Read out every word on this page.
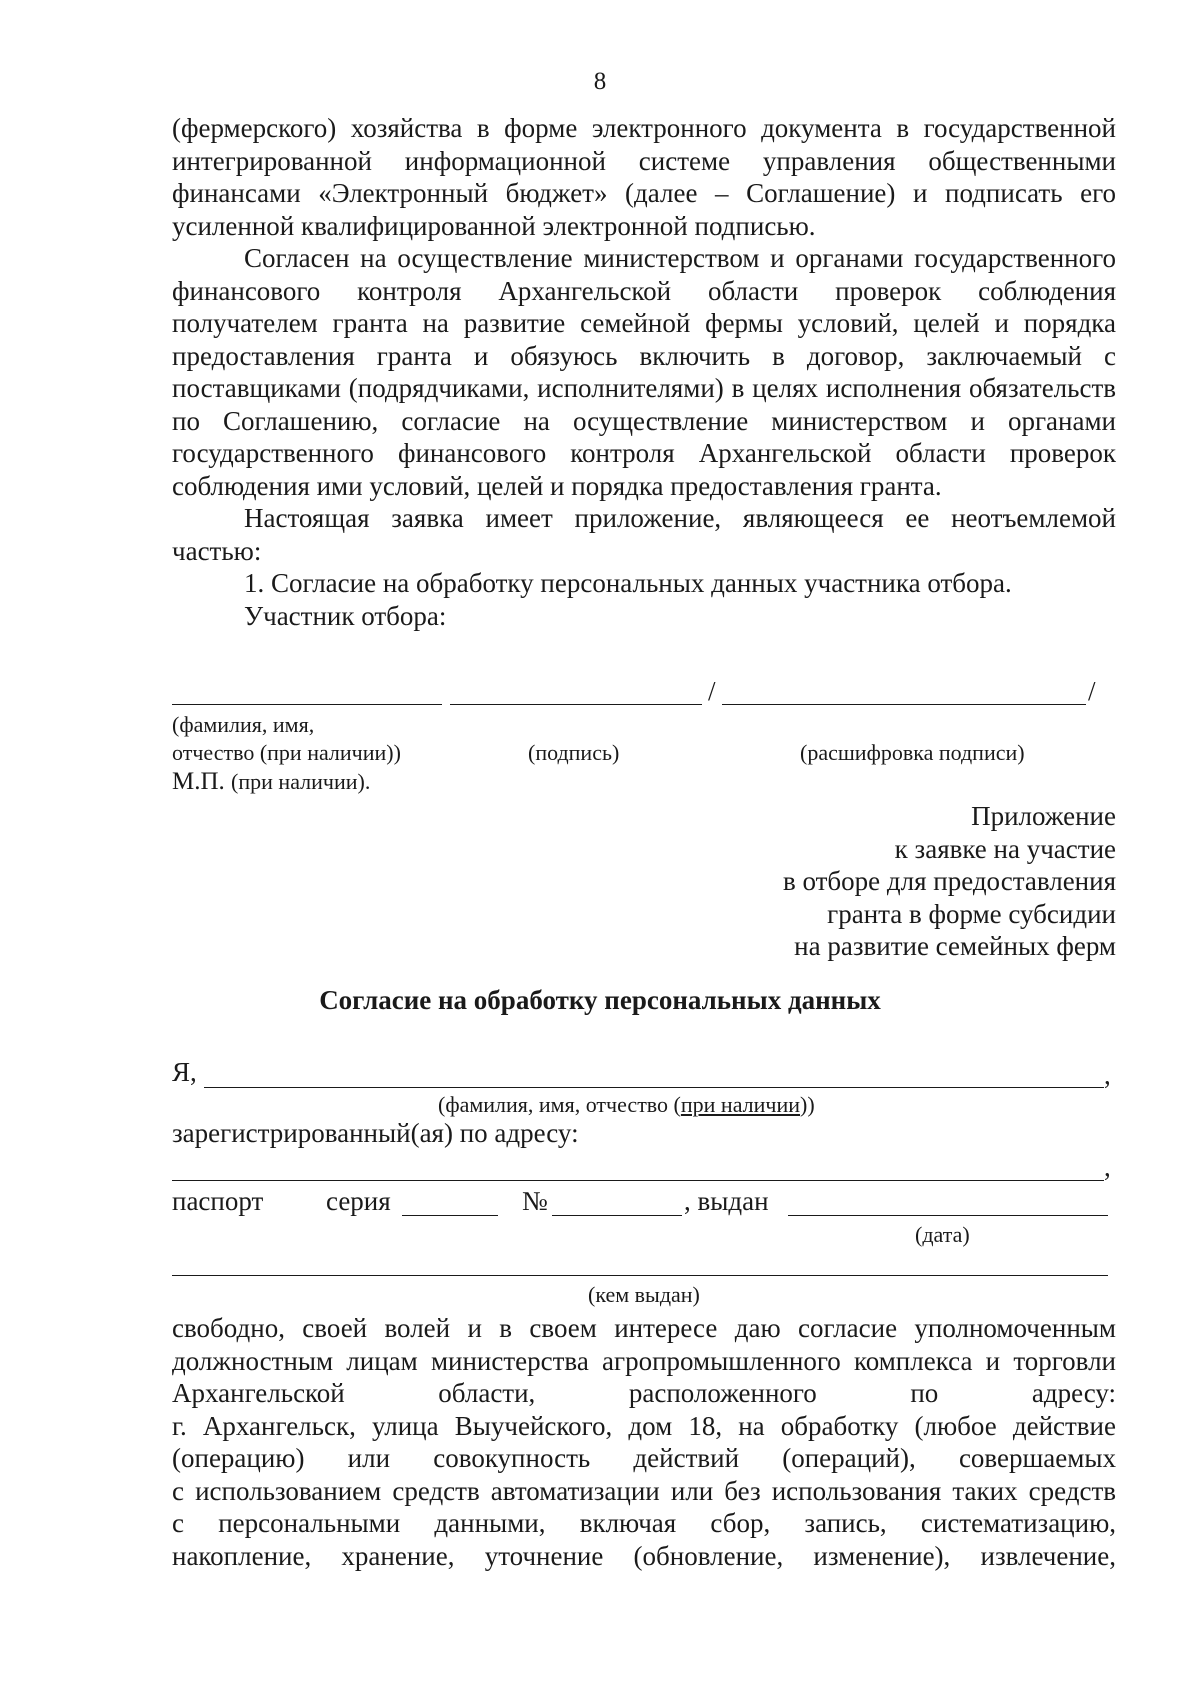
8

(фермерского) хозяйства в форме электронного документа в государственной

интегрированной информационной системе управления общественными

финансами «Электронный бюджет» (далее – Соглашение) и подписать его

усиленной квалифицированной электронной подписью.

Согласен на осуществление министерством и органами государственного финансового контроля Архангельской области проверок соблюдения получателем гранта на развитие семейной фермы условий, целей и порядка предоставления гранта и обязуюсь включить в договор, заключаемый с поставщиками (подрядчиками, исполнителями) в целях исполнения обязательств по Соглашению, согласие на осуществление министерством и органами государственного финансового контроля Архангельской области проверок соблюдения ими условий, целей и порядка предоставления гранта.

Настоящая заявка имеет приложение, являющееся ее неотъемлемой частью:

1. Согласие на обработку персональных данных участника отбора.

Участник отбора:

/	/
(фамилия, имя,
отчество (при наличии))	(подпись)	(расшифровка подписи)
М.П. (при наличии).
Приложение
к заявке на участие
в отборе для предоставления
гранта в форме субсидии
на развитие семейных ферм
Согласие на обработку персональных данных
Я,	,
(фамилия, имя, отчество (при наличии))
зарегистрированный(ая) по адресу:
,
паспорт серия	№	, выдан
(дата)
(кем выдан)

свободно, своей волей и в своем интересе даю согласие уполномоченным

должностным лицам министерства агропромышленного комплекса и торговли

Архангельской области, расположенного по адресу:

г. Архангельск, улица Выучейского, дом 18, на обработку (любое действие

(операцию) или совокупность действий (операций), совершаемых

с использованием средств автоматизации или без использования таких средств

с персональными данными, включая сбор, запись, систематизацию,

накопление, хранение, уточнение (обновление, изменение), извлечение,
